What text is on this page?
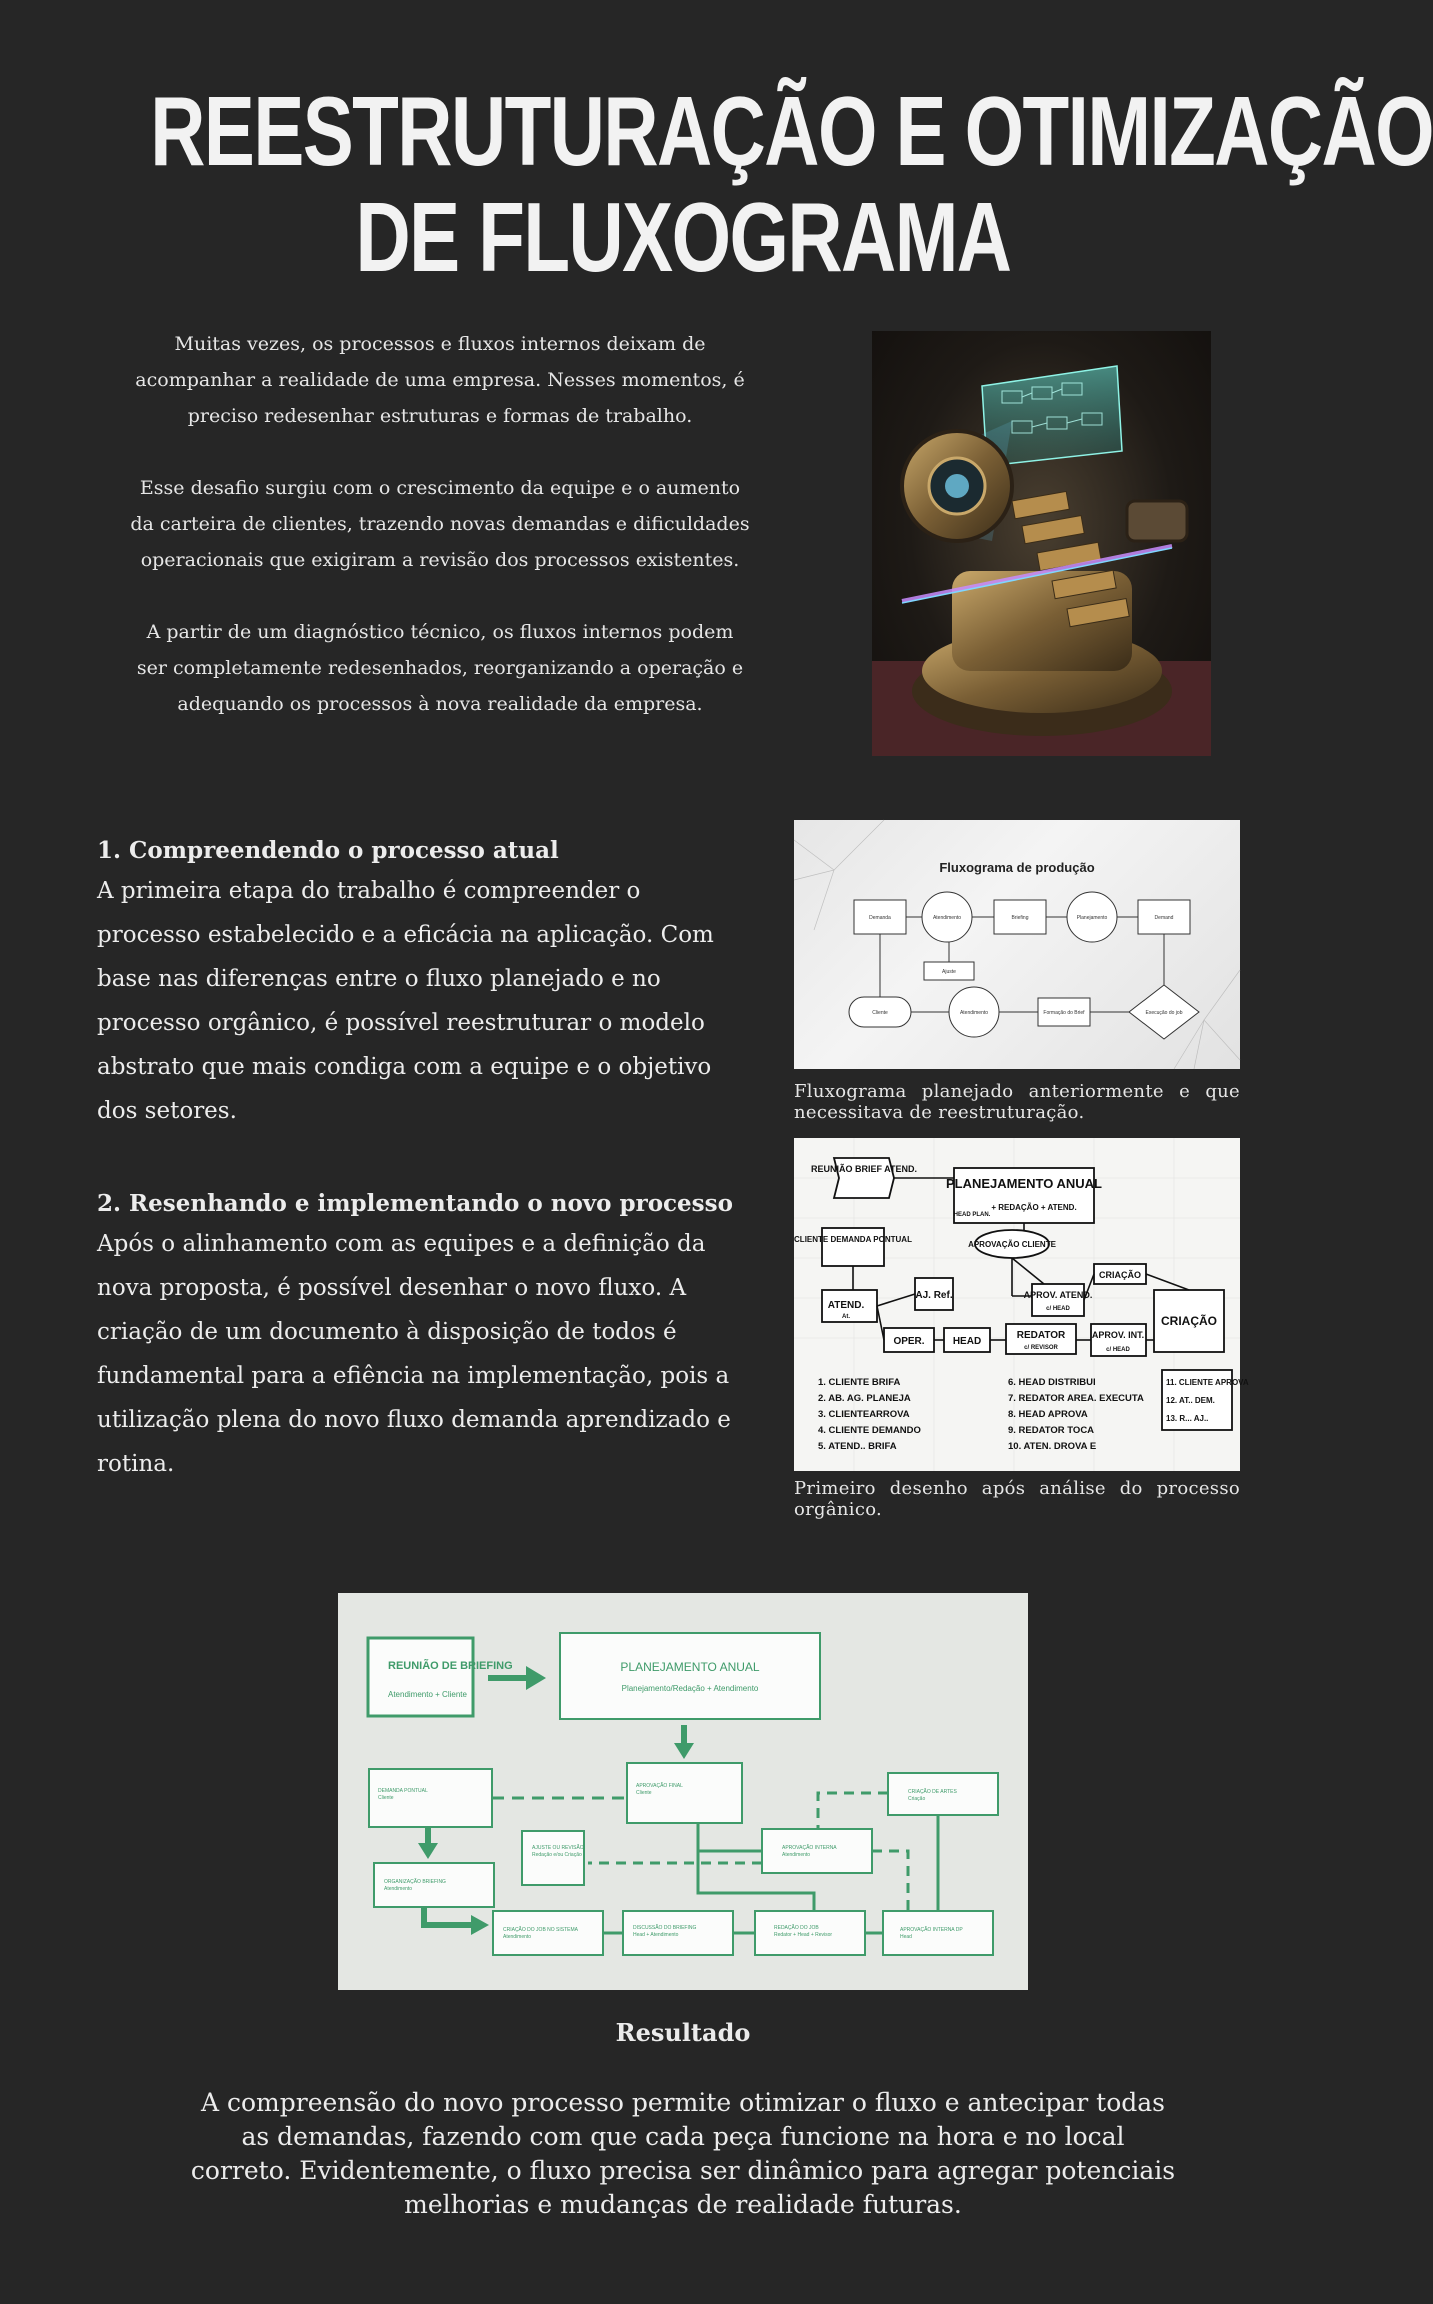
REESTRUTURAÇÃO E OTIMIZAÇÃO
DE FLUXOGRAMA

Muitas vezes, os processos e fluxos internos deixam de acompanhar a realidade de uma empresa. Nesses momentos, é preciso redesenhar estruturas e formas de trabalho.

Esse desafio surgiu com o crescimento da equipe e o aumento da carteira de clientes, trazendo novas demandas e dificuldades operacionais que exigiram a revisão dos processos existentes.

A partir de um diagnóstico técnico, os fluxos internos podem ser completamente redesenhados, reorganizando a operação e adequando os processos à nova realidade da empresa.

1. Compreendendo o processo atual

A primeira etapa do trabalho é compreender o processo estabelecido e a eficácia na aplicação. Com base nas diferenças entre o fluxo planejado e no processo orgânico, é possível reestruturar o modelo abstrato que mais condiga com a equipe e o objetivo dos setores.

2. Resenhando e implementando o novo processo

Após o alinhamento com as equipes e a definição da nova proposta, é possível desenhar o novo fluxo. A criação de um documento à disposição de todos é fundamental para a efiência na implementação, pois a utilização plena do novo fluxo demanda aprendizado e rotina.

Fluxograma de produção
Demanda	Atendimento	Briefing	Planejamento	Demand
Ajuste
Cliente	Atendimento	Formação do Brief	Execução do job
Fluxograma planejado anteriormente e que necessitava de reestruturação.
REUNIÃO BRIEF ATEND.
PLANEJAMENTO ANUAL
+ REDAÇÃO + ATEND.
HEAD PLAN.
CLIENTE DEMANDA PONTUAL
APROVAÇÃO CLIENTE
CRIAÇÃO
AJ. Ref.	APROV. ATEND.
c/ HEAD
ATEND.
At.	CRIAÇÃO
OPER.	HEAD
REDATOR
c/ REVISOR
APROV. INT.
c/ HEAD
1. CLIENTE BRIFA
2. AB. AG. PLANEJA
3. CLIENTEARROVA
4. CLIENTE DEMANDO
5. ATEND.. BRIFA
6. HEAD DISTRIBUI
7. REDATOR AREA. EXECUTA
8. HEAD APROVA
9. REDATOR TOCA
10. ATEN. DROVA E
11. CLIENTE APROVA
12. AT.. DEM.
13. R... AJ..
Primeiro desenho após análise do processo orgânico.
REUNIÃO DE BRIEFING
Atendimento + Cliente
PLANEJAMENTO ANUAL
Planejamento/Redação + Atendimento
DEMANDA PONTUAL
Cliente
APROVAÇÃO FINAL
Cliente	CRIAÇÃO DE ARTES
Criação
AJUSTE OU REVISÃO
Redação e/ou Criação
APROVAÇÃO INTERNA
Atendimento
ORGANIZAÇÃO BRIEFING
Atendimento
CRIAÇÃO DO JOB NO SISTEMA
Atendimento
DISCUSSÃO DO BRIEFING
Head + Atendimento
REDAÇÃO DO JOB
Redator + Head + Revisor
APROVAÇÃO INTERNA DP
Head
Resultado
A compreensão do novo processo permite otimizar o fluxo e antecipar todas as demandas, fazendo com que cada peça funcione na hora e no local correto. Evidentemente, o fluxo precisa ser dinâmico para agregar potenciais melhorias e mudanças de realidade futuras.
